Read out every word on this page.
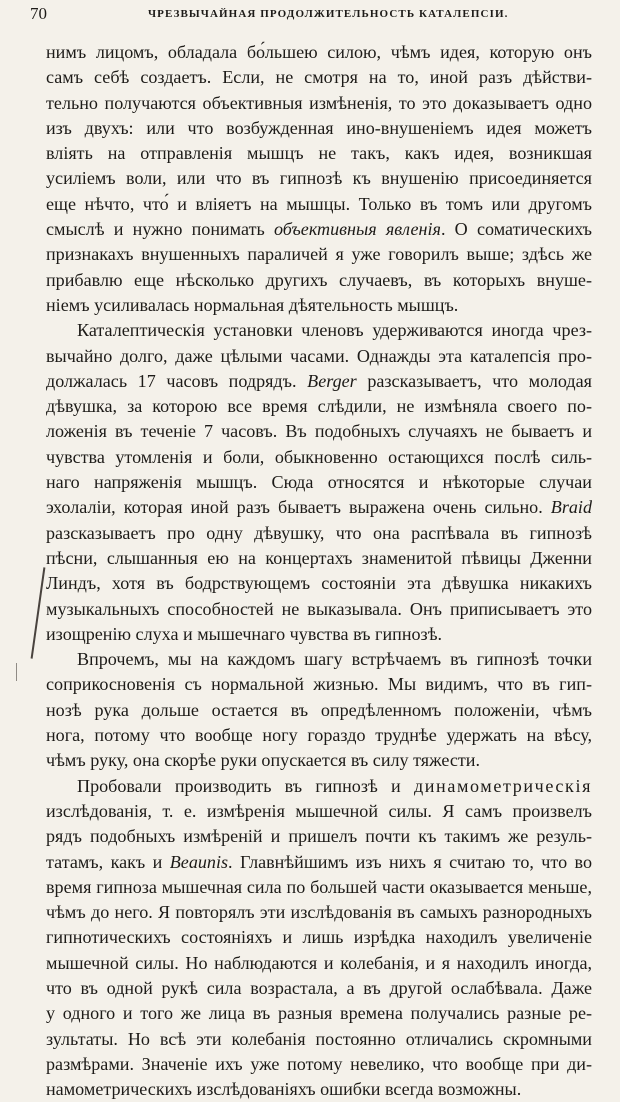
70	ЧРЕЗВЫЧАЙНАЯ ПРОДОЛЖИТЕЛЬНОСТЬ КАТАЛЕПСІИ.
нимъ лицомъ, обладала бо́льшею силою, чѣмъ идея, которую онъ
самъ себѣ создаетъ. Если, не смотря на то, иной разъ дѣйстви-
тельно получаются объективныя измѣненія, то это доказываетъ одно
изъ двухъ: или что возбужденная ино-внушеніемъ идея можетъ
вліять на отправленія мышцъ не такъ, какъ идея, возникшая
усиліемъ воли, или что въ гипнозѣ къ внушенію присоединяется
еще нѣчто, что́ и вліяетъ на мышцы. Только въ томъ или другомъ
смыслѣ и нужно понимать объективныя явленія. О соматическихъ
признакахъ внушенныхъ параличей я уже говорилъ выше; здѣсь же
прибавлю еще нѣсколько другихъ случаевъ, въ которыхъ внуше-
ніемъ усиливалась нормальная дѣятельность мышцъ.
Каталептическія установки членовъ удерживаются иногда чрез-
вычайно долго, даже цѣлыми часами. Однажды эта каталепсія про-
должалась 17 часовъ подрядъ. Berger разсказываетъ, что молодая
дѣвушка, за которою все время слѣдили, не измѣняла своего по-
ложенія въ теченіе 7 часовъ. Въ подобныхъ случаяхъ не бываетъ и
чувства утомленія и боли, обыкновенно остающихся послѣ силь-
наго напряженія мышцъ. Сюда относятся и нѣкоторые случаи
эхолаліи, которая иной разъ бываетъ выражена очень сильно. Braid
разсказываетъ про одну дѣвушку, что она распѣвала въ гипнозѣ
пѣсни, слышанныя ею на концертахъ знаменитой пѣвицы Дженни
Линдъ, хотя въ бодрствующемъ состояніи эта дѣвушка никакихъ
музыкальныхъ способностей не выказывала. Онъ приписываетъ это
изощренію слуха и мышечнаго чувства въ гипнозѣ.
Впрочемъ, мы на каждомъ шагу встрѣчаемъ въ гипнозѣ точки
соприкосновенія съ нормальной жизнью. Мы видимъ, что въ гип-
нозѣ рука дольше остается въ опредѣленномъ положеніи, чѣмъ
нога, потому что вообще ногу гораздо труднѣе удержать на вѣсу,
чѣмъ руку, она скорѣе руки опускается въ силу тяжести.
Пробовали производить въ гипнозѣ и динамометрическія
изслѣдованія, т. е. измѣренія мышечной силы. Я самъ произвелъ
рядъ подобныхъ измѣреній и пришелъ почти къ такимъ же резуль-
татамъ, какъ и Beaunis. Главнѣйшимъ изъ нихъ я считаю то, что во
время гипноза мышечная сила по большей части оказывается меньше,
чѣмъ до него. Я повторялъ эти изслѣдованія въ самыхъ разнородныхъ
гипнотическихъ состояніяхъ и лишь изрѣдка находилъ увеличеніе
мышечной силы. Но наблюдаются и колебанія, и я находилъ иногда,
что въ одной рукѣ сила возрастала, а въ другой ослабѣвала. Даже
у одного и того же лица въ разныя времена получались разные ре-
зультаты. Но всѣ эти колебанія постоянно отличались скромными
размѣрами. Значеніе ихъ уже потому невелико, что вообще при ди-
намометрическихъ изслѣдованіяхъ ошибки всегда возможны.
